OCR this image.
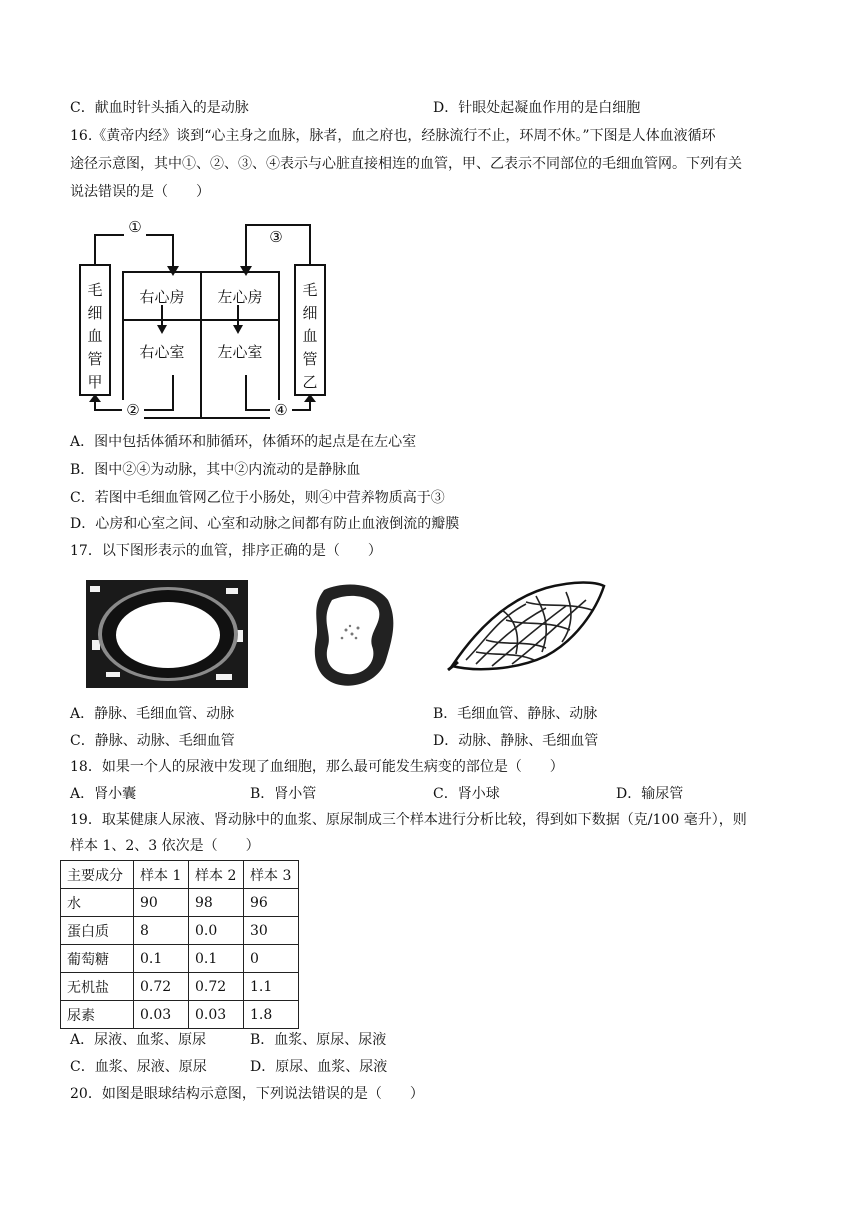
C．献血时针头插入的是动脉	D．针眼处起凝血作用的是白细胞
16.《黄帝内经》谈到“心主身之血脉，脉者，血之府也，经脉流行不止，环周不休。”下图是人体血液循环
途径示意图，其中①、②、③、④表示与心脏直接相连的血管，甲、乙表示不同部位的毛细血管网。下列有关
说法错误的是（　　）
①
③
②	④
右心房 左心房
右心室 左心室
毛
细
血
管
甲
毛
细
血
管
乙
A．图中包括体循环和肺循环，体循环的起点是在左心室
B．图中②④为动脉，其中②内流动的是静脉血
C．若图中毛细血管网乙位于小肠处，则④中营养物质高于③
D．心房和心室之间、心室和动脉之间都有防止血液倒流的瓣膜
17．以下图形表示的血管，排序正确的是（　　）
A．静脉、毛细血管、动脉	B．毛细血管、静脉、动脉
C．静脉、动脉、毛细血管	D．动脉、静脉、毛细血管
18．如果一个人的尿液中发现了血细胞，那么最可能发生病变的部位是（　　）
A．肾小囊	B．肾小管	C．肾小球	D．输尿管
19．取某健康人尿液、肾动脉中的血浆、原尿制成三个样本进行分析比较，得到如下数据（克/100 毫升），则
样本 1、2、3 依次是（　　）
主要成分	样本 1	样本 2	样本 3
水	90	98	96
蛋白质	8	0.0	30
葡萄糖	0.1	0.1	0
无机盐	0.72	0.72	1.1
尿素	0.03	0.03	1.8
A．尿液、血浆、原尿	B．血浆、原尿、尿液
C．血浆、尿液、原尿	D．原尿、血浆、尿液
20．如图是眼球结构示意图，下列说法错误的是（　　）
